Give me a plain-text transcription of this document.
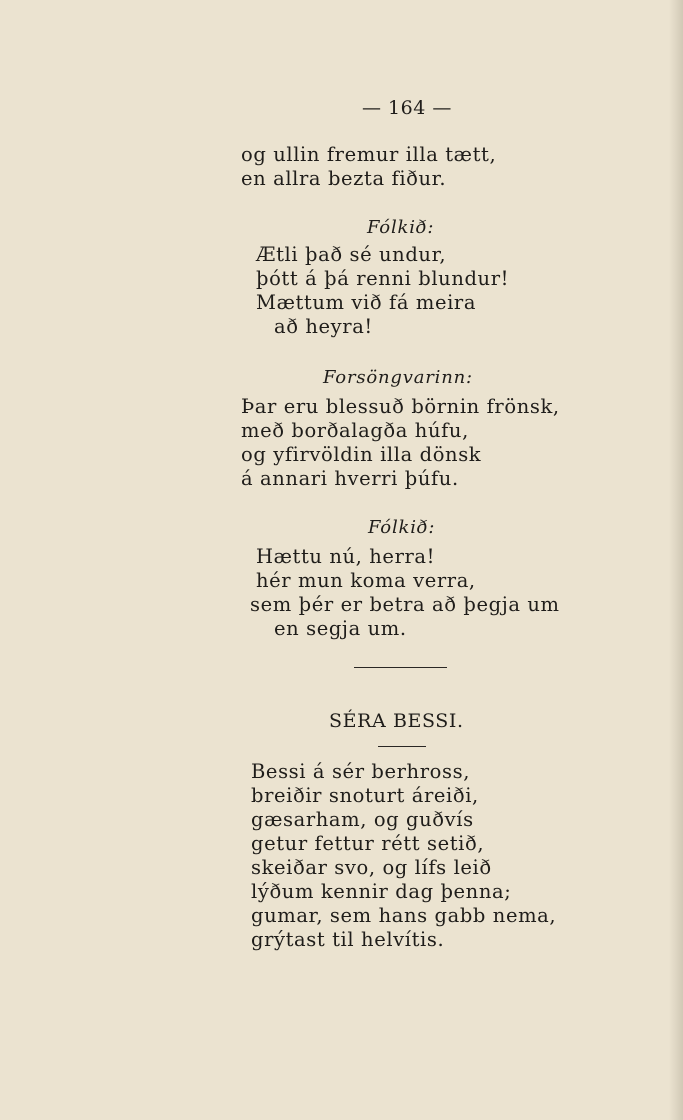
— 164 —
og ullin fremur illa tætt,
en allra bezta fiður.
Fólkið:
Ætli það sé undur,
þótt á þá renni blundur!
Mættum við fá meira
að heyra!
Forsöngvarinn:
Þar eru blessuð börnin frönsk,
með borðalagða húfu,
og yfirvöldin illa dönsk
á annari hverri þúfu.
Fólkið:
Hættu nú, herra!
hér mun koma verra,
sem þér er betra að þegja um
en segja um.
SÉRA BESSI.
Bessi á sér berhross,
breiðir snoturt áreiði,
gæsarham, og guðvís
getur fettur rétt setið,
skeiðar svo, og lífs leið
lýðum kennir dag þenna;
gumar, sem hans gabb nema,
grýtast til helvítis.
